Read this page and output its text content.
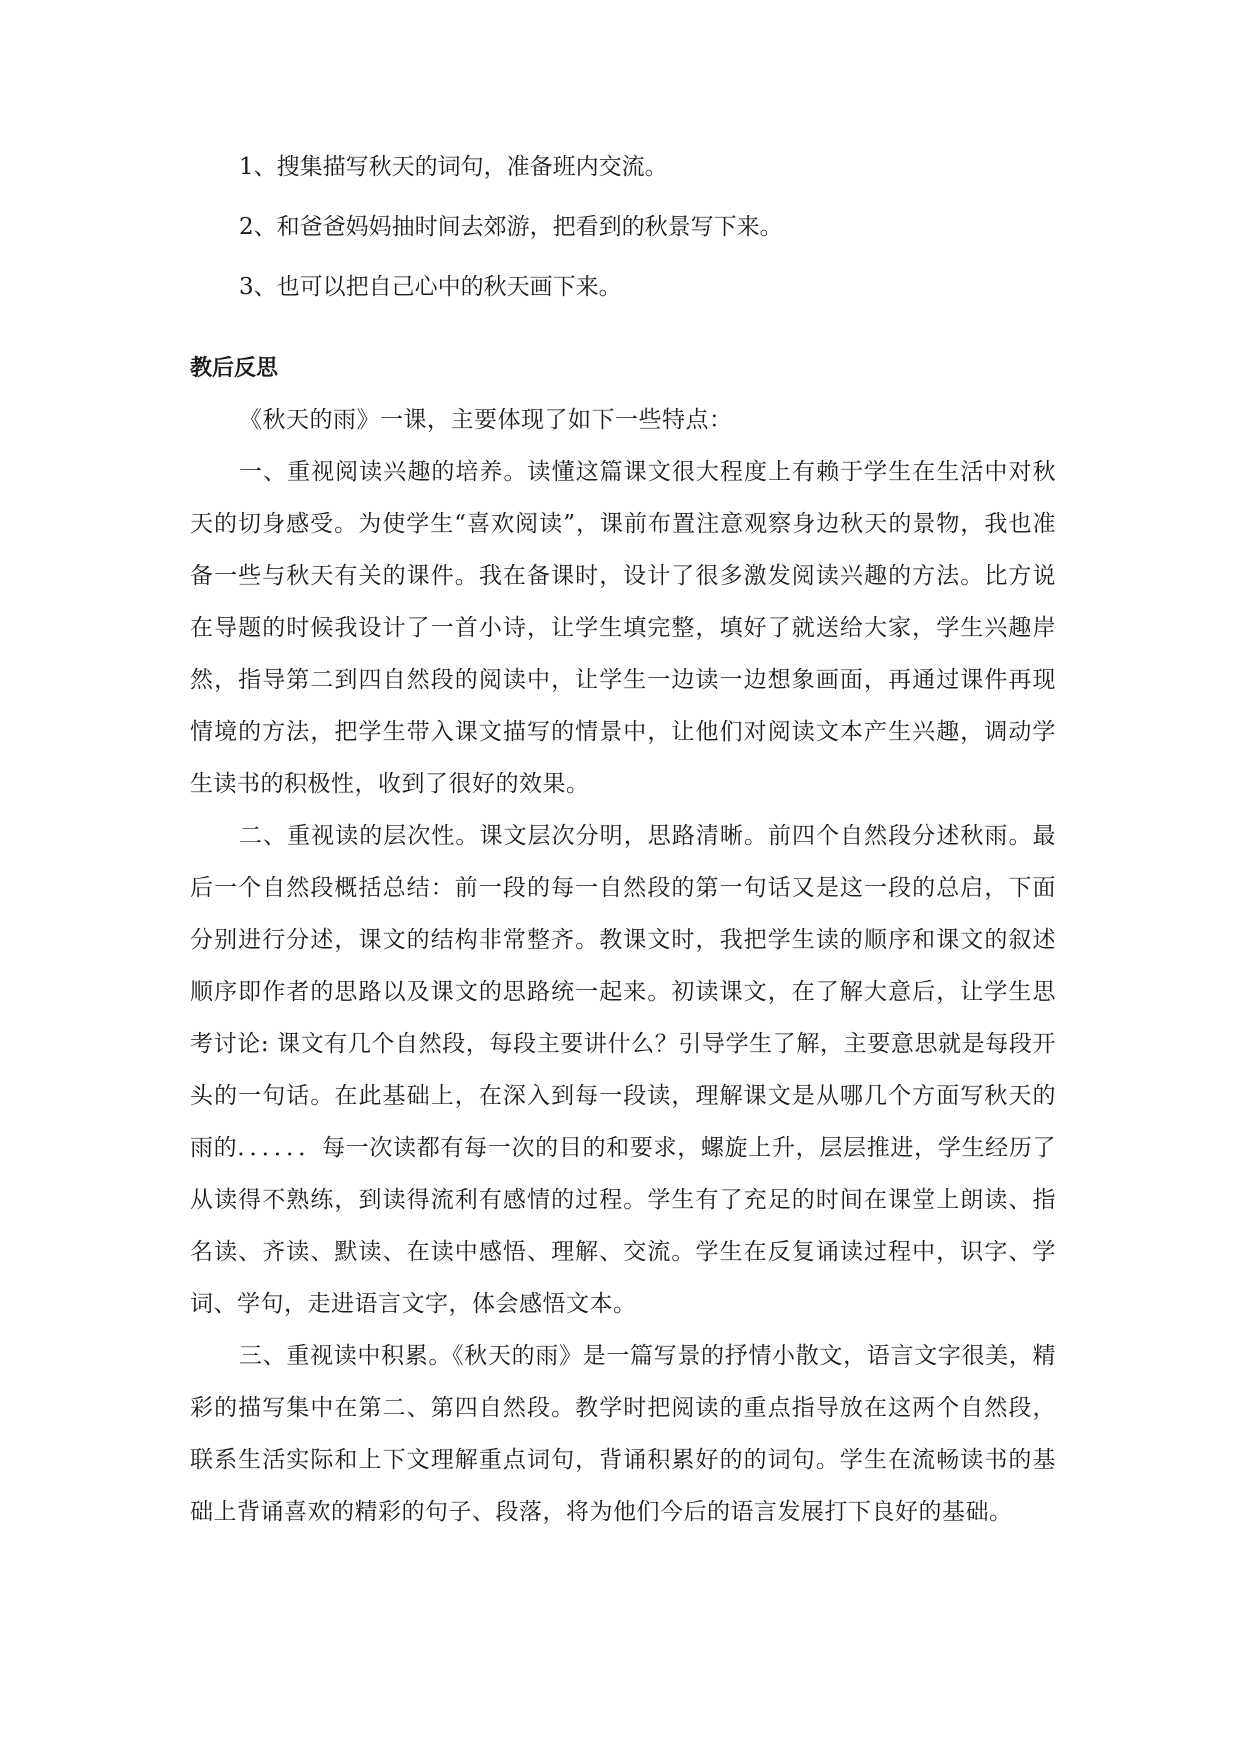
1、搜集描写秋天的词句，准备班内交流。

2、和爸爸妈妈抽时间去郊游，把看到的秋景写下来。

3、也可以把自己心中的秋天画下来。

教后反思

《秋天的雨》一课，主要体现了如下一些特点：

一、重视阅读兴趣的培养。读懂这篇课文很大程度上有赖于学生在生活中对秋天的切身感受。为使学生“喜欢阅读”，课前布置注意观察身边秋天的景物，我也准备一些与秋天有关的课件。我在备课时，设计了很多激发阅读兴趣的方法。比方说在导题的时候我设计了一首小诗，让学生填完整，填好了就送给大家，学生兴趣岸然，指导第二到四自然段的阅读中，让学生一边读一边想象画面，再通过课件再现情境的方法，把学生带入课文描写的情景中，让他们对阅读文本产生兴趣，调动学生读书的积极性，收到了很好的效果。

二、重视读的层次性。课文层次分明，思路清晰。前四个自然段分述秋雨。最后一个自然段概括总结：前一段的每一自然段的第一句话又是这一段的总启，下面分别进行分述，课文的结构非常整齐。教课文时，我把学生读的顺序和课文的叙述顺序即作者的思路以及课文的思路统一起来。初读课文，在了解大意后，让学生思考讨论: 课文有几个自然段，每段主要讲什么？引导学生了解，主要意思就是每段开头的一句话。在此基础上，在深入到每一段读，理解课文是从哪几个方面写秋天的雨的．．．．．．每一次读都有每一次的目的和要求，螺旋上升，层层推进，学生经历了从读得不熟练，到读得流利有感情的过程。学生有了充足的时间在课堂上朗读、指名读、齐读、默读、在读中感悟、理解、交流。学生在反复诵读过程中，识字、学词、学句，走进语言文字，体会感悟文本。

三、重视读中积累。《秋天的雨》是一篇写景的抒情小散文，语言文字很美，精彩的描写集中在第二、第四自然段。教学时把阅读的重点指导放在这两个自然段，联系生活实际和上下文理解重点词句，背诵积累好的的词句。学生在流畅读书的基础上背诵喜欢的精彩的句子、段落，将为他们今后的语言发展打下良好的基础。
